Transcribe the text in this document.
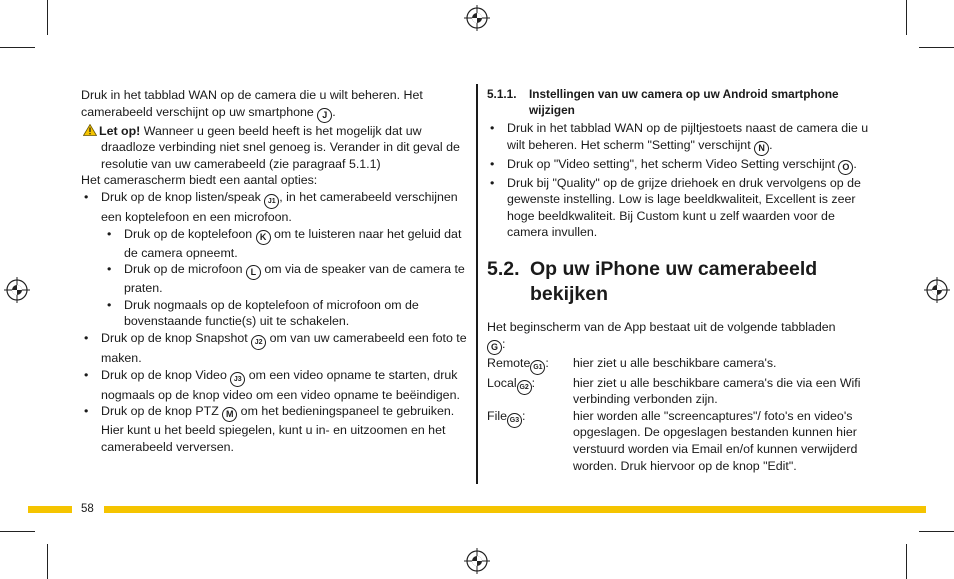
Druk in het tabblad WAN op de camera die u wilt beheren. Het camerabeeld verschijnt op uw smartphone J .

Let op! Wanneer u geen beeld heeft is het mogelijk dat uw draadloze verbinding niet snel genoeg is. Verander in dit geval de resolutie van uw camerabeeld (zie paragraaf 5.1.1)

Het camerascherm biedt een aantal opties:

• Druk op de knop listen/speak J1 , in het camerabeeld verschijnen een koptelefoon en een microfoon.
• Druk op de koptelefoon K om te luisteren naar het geluid dat de camera opneemt.
• Druk op de microfoon L om via de speaker van de camera te praten.
• Druk nogmaals op de koptelefoon of microfoon om de bovenstaande functie(s) uit te schakelen.
• Druk op de knop Snapshot J2 om van uw camerabeeld een foto te maken.
• Druk op de knop Video J3 om een video opname te starten, druk nogmaals op de knop video om een video opname te beëindigen.
• Druk op de knop PTZ M om het bedieningspaneel te gebruiken. Hier kunt u het beeld spiegelen, kunt u in- en uitzoomen en het camerabeeld verversen.
5.1.1.	Instellingen van uw camera op uw Android smartphone wijzigen
• Druk in het tabblad WAN op de pijltjestoets naast de camera die u wilt beheren. Het scherm "Setting" verschijnt N .
• Druk op "Video setting", het scherm Video Setting verschijnt O .
• Druk bij "Quality" op de grijze driehoek en druk vervolgens op de gewenste instelling. Low is lage beeldkwaliteit, Excellent is zeer hoge beeldkwaliteit. Bij Custom kunt u zelf waarden voor de camera invullen.
5.2. Op uw iPhone uw camerabeeld bekijken

Het beginscherm van de App bestaat uit de volgende tabbladen
G :

Remote G1 :	hier ziet u alle beschikbare camera's.
Local G2 :	hier ziet u alle beschikbare camera's die via een Wifi verbinding verbonden zijn.
File G3 :	hier worden alle "screencaptures"/ foto's en video's opgeslagen. De opgeslagen bestanden kunnen hier verstuurd worden via Email en/of kunnen verwijderd worden. Druk hiervoor op de knop "Edit".
58
